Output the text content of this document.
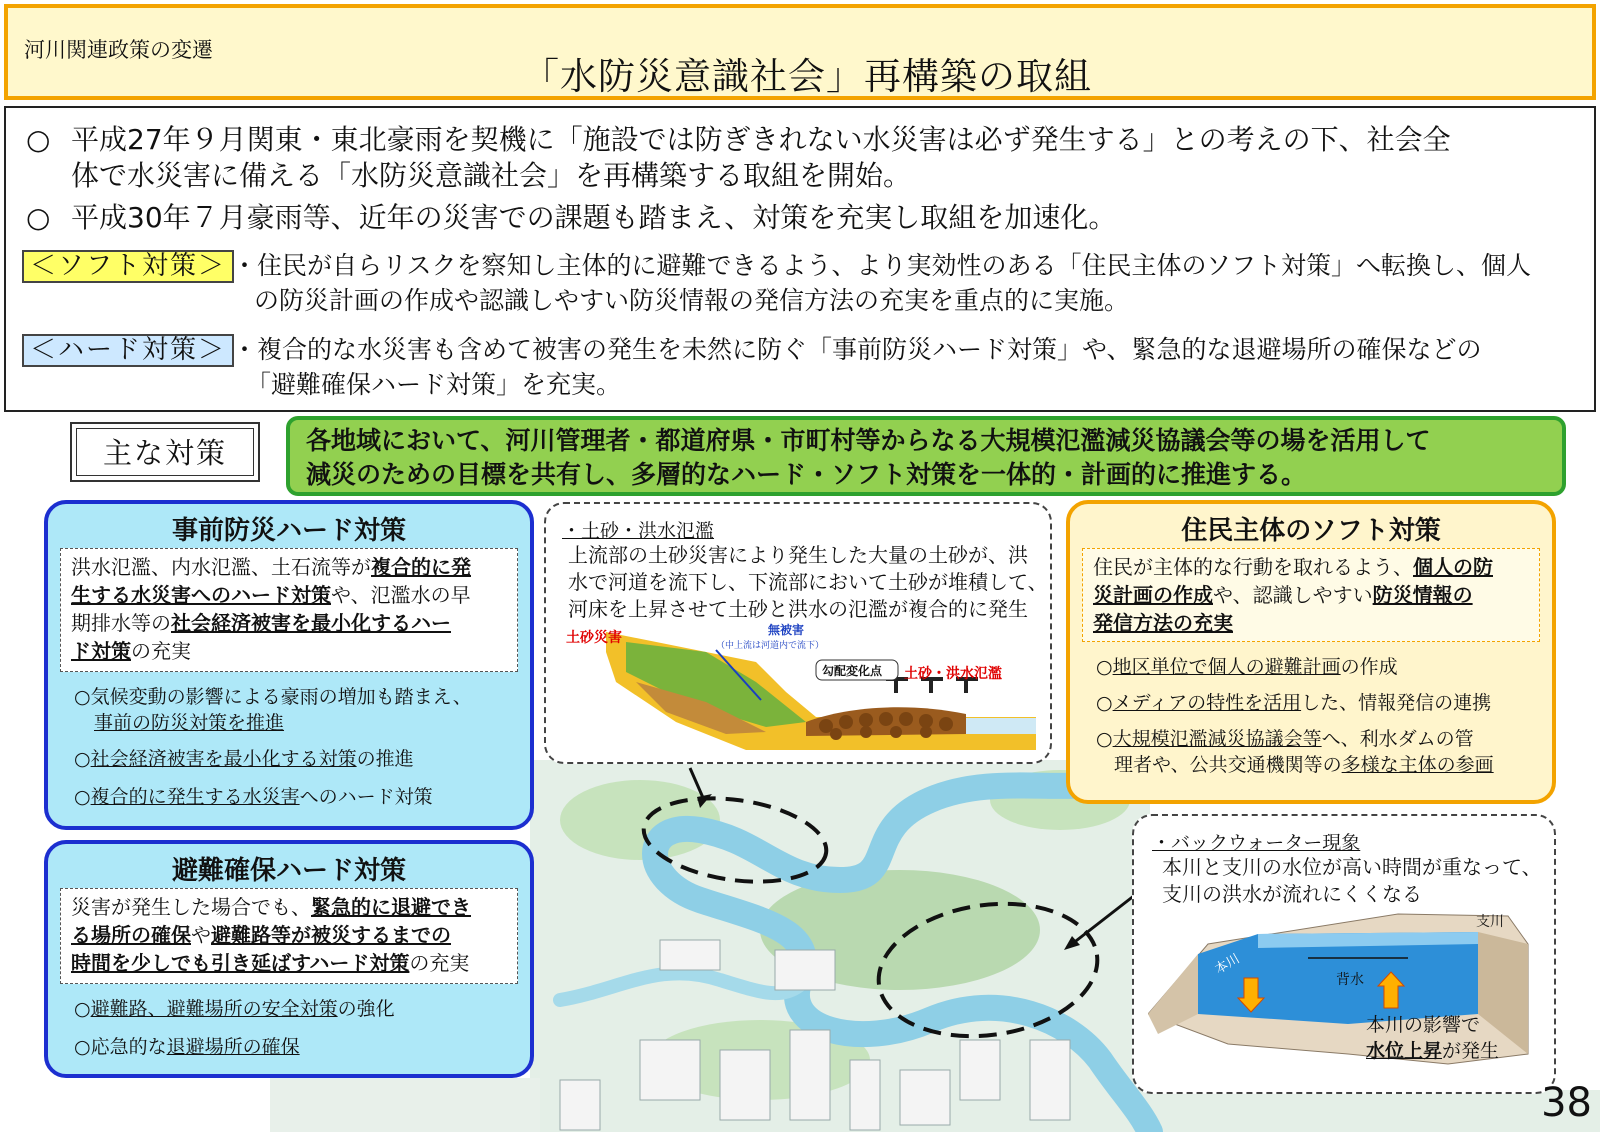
河川関連政策の変遷
「水防災意識社会」再構築の取組
○ 平成27年９月関東・東北豪雨を契機に「施設では防ぎきれない水災害は必ず発生する」との考えの下、社会全
体で水災害に備える「水防災意識社会」を再構築する取組を開始。
○ 平成30年７月豪雨等、近年の災害での課題も踏まえ、対策を充実し取組を加速化。
＜ソフト対策＞ ・住民が自らリスクを察知し主体的に避難できるよう、より実効性のある「住民主体のソフト対策」へ転換し、個人
の防災計画の作成や認識しやすい防災情報の発信方法の充実を重点的に実施。
＜ハード対策＞ ・複合的な水災害も含めて被害の発生を未然に防ぐ「事前防災ハード対策」や、緊急的な退避場所の確保などの
「避難確保ハード対策」を充実。
主な対策	各地域において、河川管理者・都道府県・市町村等からなる大規模氾濫減災協議会等の場を活用して
減災のための目標を共有し、多層的なハード・ソフト対策を一体的・計画的に推進する。
事前防災ハード対策
洪水氾濫、内水氾濫、土石流等が複合的に発
生する水災害へのハード対策や、氾濫水の早
期排水等の社会経済被害を最小化するハー
ド対策の充実
○気候変動の影響による豪雨の増加も踏まえ、
事前の防災対策を推進
○社会経済被害を最小化する対策の推進
○複合的に発生する水災害へのハード対策
避難確保ハード対策
災害が発生した場合でも、緊急的に退避でき
る場所の確保や避難路等が被災するまでの
時間を少しでも引き延ばすハード対策の充実
○避難路、避難場所の安全対策の強化
○応急的な退避場所の確保
・土砂・洪水氾濫
上流部の土砂災害により発生した大量の土砂が、洪
水で河道を流下し、下流部において土砂が堆積して、
河床を上昇させて土砂と洪水の氾濫が複合的に発生
土砂災害	無被害
（中上流は河道内で流下）
勾配変化点 土砂・洪水氾濫
住民主体のソフト対策
住民が主体的な行動を取れるよう、個人の防
災計画の作成や、認識しやすい防災情報の
発信方法の充実
○地区単位で個人の避難計画の作成
○メディアの特性を活用した、情報発信の連携
○大規模氾濫減災協議会等へ、利水ダムの管
理者や、公共交通機関等の多様な主体の参画
・バックウォーター現象
本川と支川の水位が高い時間が重なって、
支川の洪水が流れにくくなる
支川
本川
背水
本川の影響で
水位上昇が発生
38
